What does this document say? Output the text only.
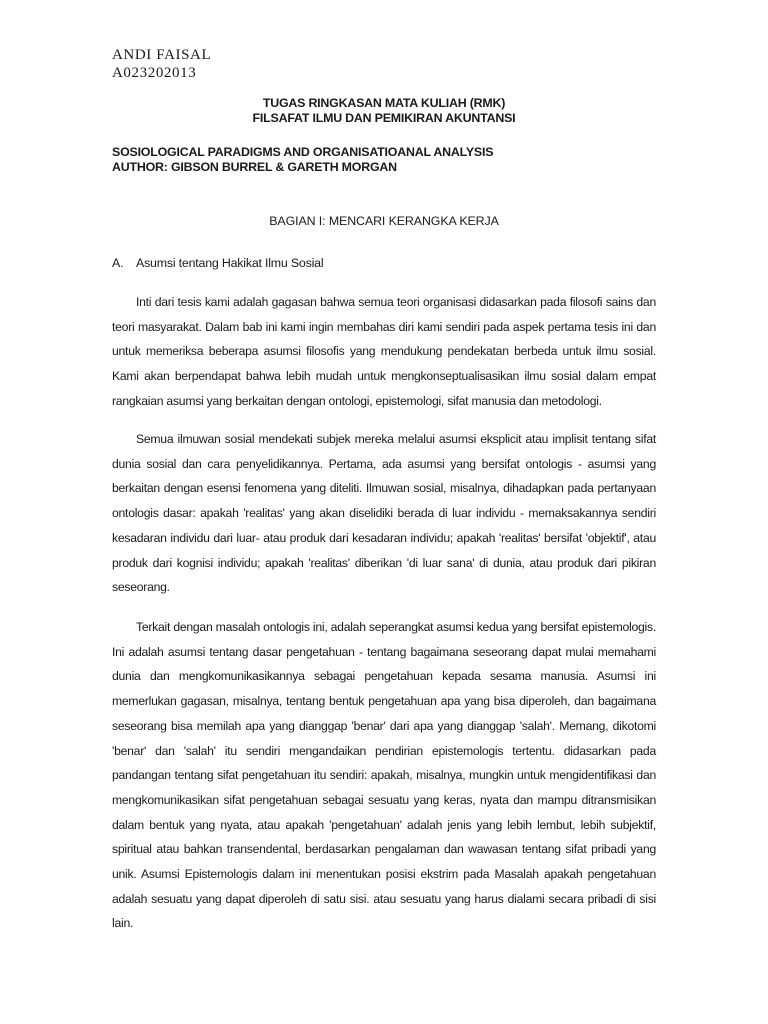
ANDI FAISAL
A023202013
TUGAS RINGKASAN MATA KULIAH (RMK)
FILSAFAT ILMU DAN PEMIKIRAN AKUNTANSI
SOSIOLOGICAL PARADIGMS AND ORGANISATIOANAL ANALYSIS
AUTHOR: GIBSON BURREL & GARETH MORGAN
BAGIAN I: MENCARI KERANGKA KERJA
A. Asumsi tentang Hakikat Ilmu Sosial

Inti dari tesis kami adalah gagasan bahwa semua teori organisasi didasarkan pada filosofi sains dan teori masyarakat. Dalam bab ini kami ingin membahas diri kami sendiri pada aspek pertama tesis ini dan untuk memeriksa beberapa asumsi filosofis yang mendukung pendekatan berbeda untuk ilmu sosial. Kami akan berpendapat bahwa lebih mudah untuk mengkonseptualisasikan ilmu sosial dalam empat rangkaian asumsi yang berkaitan dengan ontologi, epistemologi, sifat manusia dan metodologi.

Semua ilmuwan sosial mendekati subjek mereka melalui asumsi eksplicit atau implisit tentang sifat dunia sosial dan cara penyelidikannya. Pertama, ada asumsi yang bersifat ontologis - asumsi yang berkaitan dengan esensi fenomena yang diteliti. Ilmuwan sosial, misalnya, dihadapkan pada pertanyaan ontologis dasar: apakah 'realitas' yang akan diselidiki berada di luar individu - memaksakannya sendiri kesadaran individu dari luar- atau produk dari kesadaran individu; apakah 'realitas' bersifat 'objektif', atau produk dari kognisi individu; apakah 'realitas' diberikan 'di luar sana' di dunia, atau produk dari pikiran seseorang.

Terkait dengan masalah ontologis ini, adalah seperangkat asumsi kedua yang bersifat epistemologis. Ini adalah asumsi tentang dasar pengetahuan - tentang bagaimana seseorang dapat mulai memahami dunia dan mengkomunikasikannya sebagai pengetahuan kepada sesama manusia. Asumsi ini memerlukan gagasan, misalnya, tentang bentuk pengetahuan apa yang bisa diperoleh, dan bagaimana seseorang bisa memilah apa yang dianggap 'benar' dari apa yang dianggap 'salah'. Memang, dikotomi 'benar' dan 'salah' itu sendiri mengandaikan pendirian epistemologis tertentu. didasarkan pada pandangan tentang sifat pengetahuan itu sendiri: apakah, misalnya, mungkin untuk mengidentifikasi dan mengkomunikasikan sifat pengetahuan sebagai sesuatu yang keras, nyata dan mampu ditransmisikan dalam bentuk yang nyata, atau apakah 'pengetahuan' adalah jenis yang lebih lembut, lebih subjektif, spiritual atau bahkan transendental, berdasarkan pengalaman dan wawasan tentang sifat pribadi yang unik. Asumsi Epistemologis dalam ini menentukan posisi ekstrim pada Masalah apakah pengetahuan adalah sesuatu yang dapat diperoleh di satu sisi. atau sesuatu yang harus dialami secara pribadi di sisi lain.
